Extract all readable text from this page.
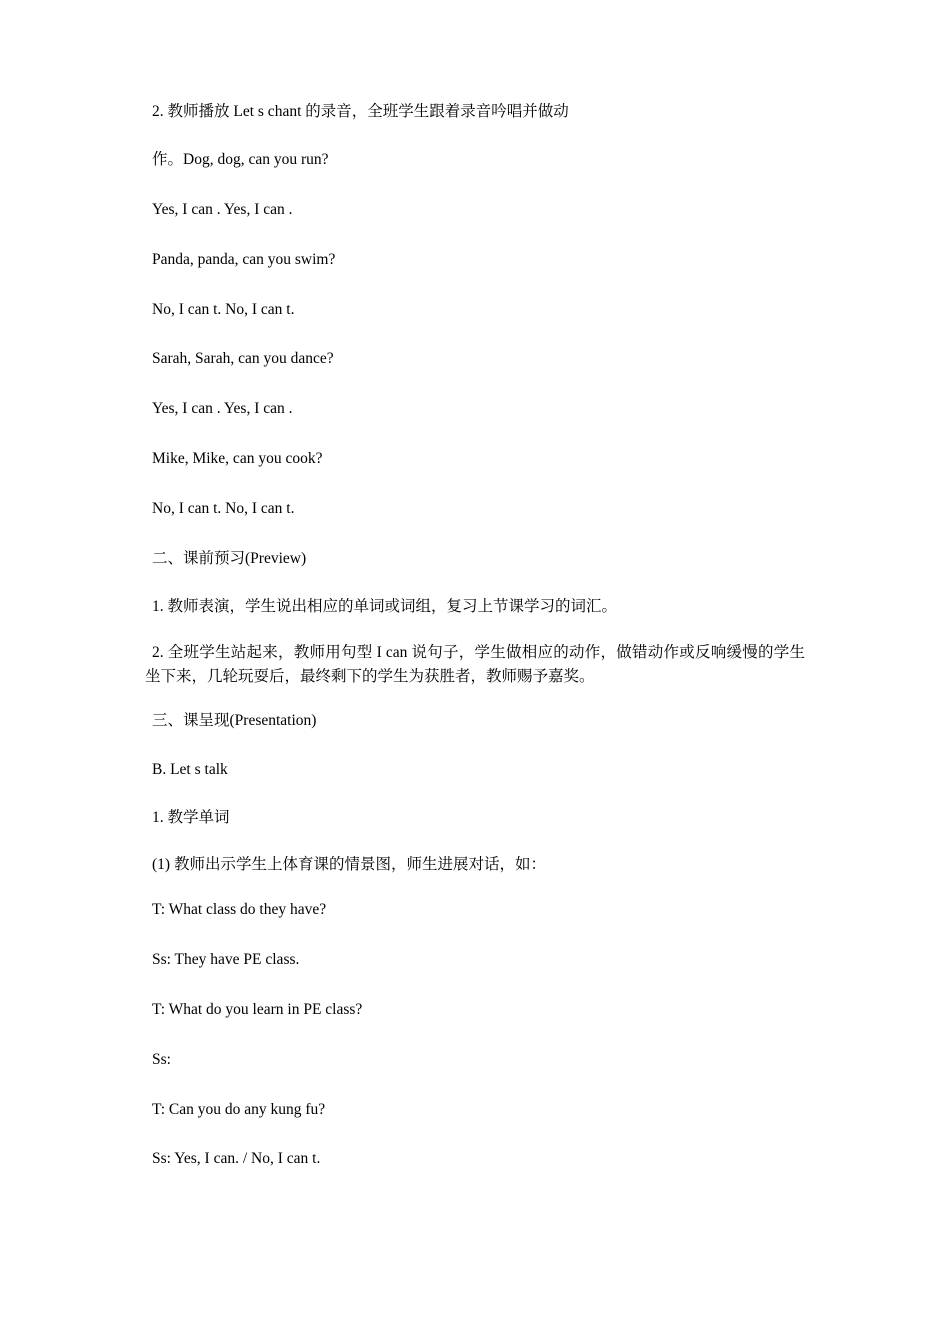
2. 教师播放 Let s chant 的录音，全班学生跟着录音吟唱并做动
作。Dog, dog, can you run?
Yes, I can . Yes, I can .
Panda, panda, can you swim?
No, I can t. No, I can t.
Sarah, Sarah, can you dance?
Yes, I can . Yes, I can .
Mike, Mike, can you cook?
No, I can t. No, I can t.
二、课前预习(Preview)
1. 教师表演，学生说出相应的单词或词组，复习上节课学习的词汇。
2. 全班学生站起来，教师用句型 I can 说句子，学生做相应的动作，做错动作或反响缓慢的学生坐下来，几轮玩耍后，最终剩下的学生为获胜者，教师赐予嘉奖。
三、课呈现(Presentation)
B. Let s talk
1. 教学单词
(1) 教师出示学生上体育课的情景图，师生进展对话，如：
T: What class do they have?
Ss: They have PE class.
T: What do you learn in PE class?
Ss:
T: Can you do any kung fu?
Ss: Yes, I can. / No, I can t.
